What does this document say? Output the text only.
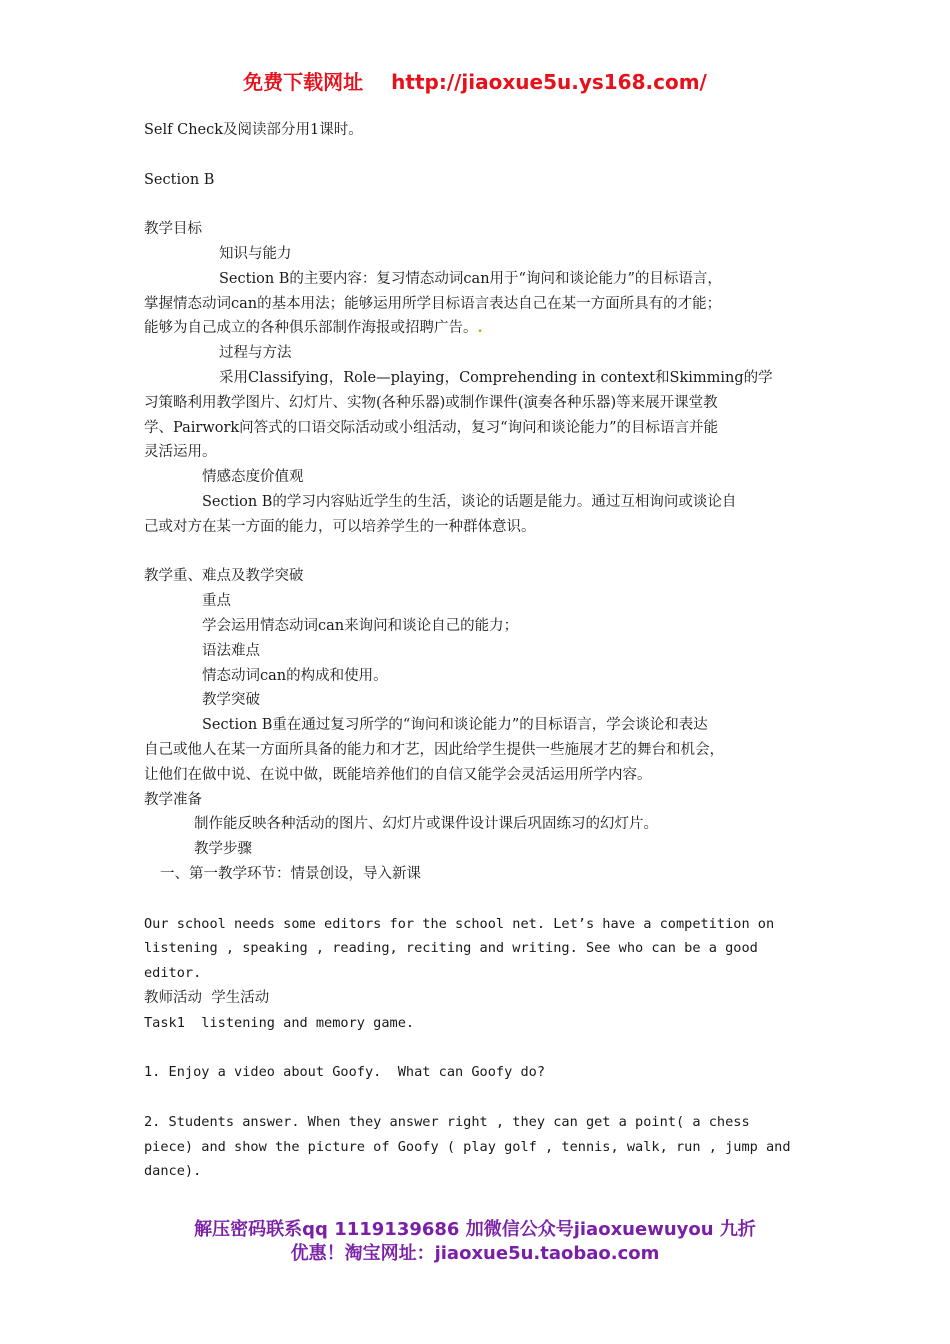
免费下载网址 http://jiaoxue5u.ys168.com/
Self Check及阅读部分用1课时。
Section B
教学目标
知识与能力
Section B的主要内容：复习情态动词can用于“询问和谈论能力”的目标语言，
掌握情态动词can的基本用法；能够运用所学目标语言表达自己在某一方面所具有的才能；
能够为自己成立的各种俱乐部制作海报或招聘广告。.
过程与方法
采用Classifying，Role—playing，Comprehending in context和Skimming的学
习策略利用教学图片、幻灯片、实物(各种乐器)或制作课件(演奏各种乐器)等来展开课堂教
学、Pairwork问答式的口语交际活动或小组活动，复习“询问和谈论能力”的目标语言并能
灵活运用。
情感态度价值观
Section B的学习内容贴近学生的生活，谈论的话题是能力。通过互相询问或谈论自
己或对方在某一方面的能力，可以培养学生的一种群体意识。
教学重、难点及教学突破
重点
学会运用情态动词can来询问和谈论自己的能力；
语法难点
情态动词can的构成和使用。
教学突破
Section B重在通过复习所学的“询问和谈论能力”的目标语言，学会谈论和表达
自己或他人在某一方面所具备的能力和才艺，因此给学生提供一些施展才艺的舞台和机会，
让他们在做中说、在说中做，既能培养他们的自信又能学会灵活运用所学内容。
教学准备
制作能反映各种活动的图片、幻灯片或课件设计课后巩固练习的幻灯片。
教学步骤
一、第一教学环节：情景创设，导入新课
Our school needs some editors for the school net. Let’s have a competition on
listening , speaking , reading, reciting and writing. See who can be a good
editor.
教师活动  学生活动
Task1  listening and memory game.
1. Enjoy a video about Goofy.  What can Goofy do?
2. Students answer. When they answer right , they can get a point( a chess
piece) and show the picture of Goofy ( play golf , tennis, walk, run , jump and
dance).
解压密码联系qq 1119139686 加微信公众号jiaoxuewuyou 九折
优惠！淘宝网址：jiaoxue5u.taobao.com
